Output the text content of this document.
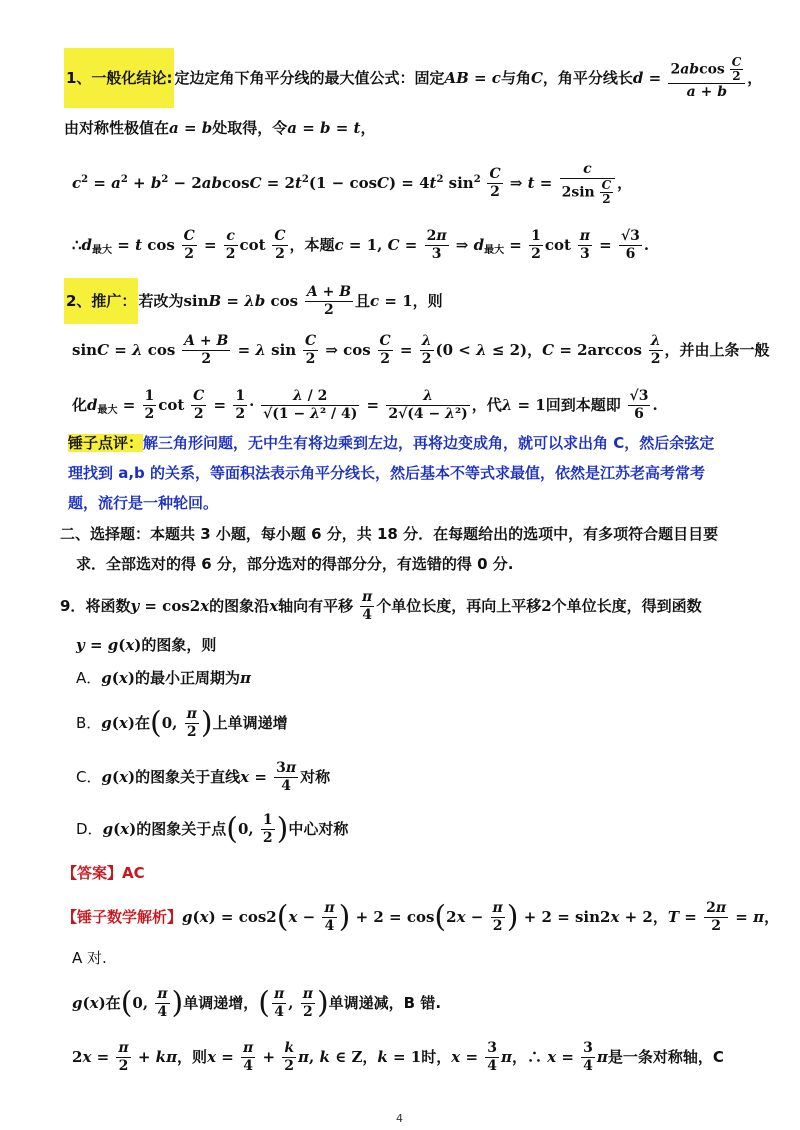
1、一般化结论: 定边定角下角平分线的最大值公式：固定AB = c与角C，角平分线长$d = \frac{2abcos \frac{C}{2}}{a + b}$ ，
由对称性极值在a = b处取得，令a = b = t，
$c^2 = a^2 + b^2 - 2abcosC = 2t^2(1 - \cos C) = 4t^2$ $\sin^2 \frac{C}{2}$ ⇒ $t = \frac{c}{2\sin \frac{C}{2}}$ ，
$\therefore d_{最大} = t$ $\cos \frac{C}{2} = \frac{c}{2}$ $\cot \frac{C}{2}$ ，本题c = 1, $C = \frac{2\pi}{3}$ ⇒ $d_{最大} = \frac{1}{2}$ $\cot \frac{\pi}{3} = \frac{√3}{6}$ .
2、推广： 若改为sinB = λb $\cos \frac{A + B}{2}$ 且c = 1，则
sinC = λ $\cos \frac{A + B}{2} = \lambda$ $\sin \frac{C}{2}$ ⇒ $\cos \frac{C}{2} = \frac{\lambda}{2} (0 < \lambda \le 2)$，$C = 2\arccos \frac{\lambda}{2}$ ，并由上条一般
化$d_{最大} = \frac{1}{2}$ $\cot \frac{C}{2} = \frac{1}{2} \cdot \frac{\lambda / 2}{\text{√(1 − λ² / 4)}} = \frac{\lambda}{\text{2√(4 − λ²)}}$ ，代λ = 1回到本题即 $\frac{√3}{6}$ .
锤子点评：解三角形问题，无中生有将边乘到左边，再将边变成角，就可以求出角 C，然后余弦定
理找到 a,b 的关系，等面积法表示角平分线长，然后基本不等式求最值，依然是江苏老高考常考
题，流行是一种轮回。
二、选择题：本题共 3 小题，每小题 6 分，共 18 分．在每题给出的选项中，有多项符合题目目要
求．全部选对的得 6 分，部分选对的得部分分，有选错的得 0 分.
9．将函数y = cos2x的图象沿x轴向有平移 $\frac{\pi}{4}$ 个单位长度，再向上平移2个单位长度，得到函数
y = g(x)的图象，则
A．g(x)的最小正周期为π
B．g(x)在(0, $\frac{\pi}{2}$ )上单调递增
C．g(x)的图象关于直线$x = \frac{3\pi}{4}$ 对称
D．g(x)的图象关于点(0, $\frac{1}{2}$ )中心对称
【答案】AC
【锤子数学解析】$g(x) = \cos 2(x - \frac{\pi}{4}$ ) + $2 = \cos(2x - \frac{\pi}{2}$ ) + 2 = sin2x + 2，$T = \frac{2\pi}{2} = \pi$，
A 对.
g(x)在(0, $\frac{\pi}{4}$ )单调递增，( $\frac{\pi}{4}$ , $\frac{\pi}{2}$ )单调递减，B 错.
$2x = \frac{\pi}{2} + k\pi$，则$x = \frac{\pi}{4} + \frac{k}{2} \pi$, k ∈ Z，k = 1时，$x = \frac{3}{4}$ π，∴ $x = \frac{3}{4}$ π是一条对称轴，C
4
